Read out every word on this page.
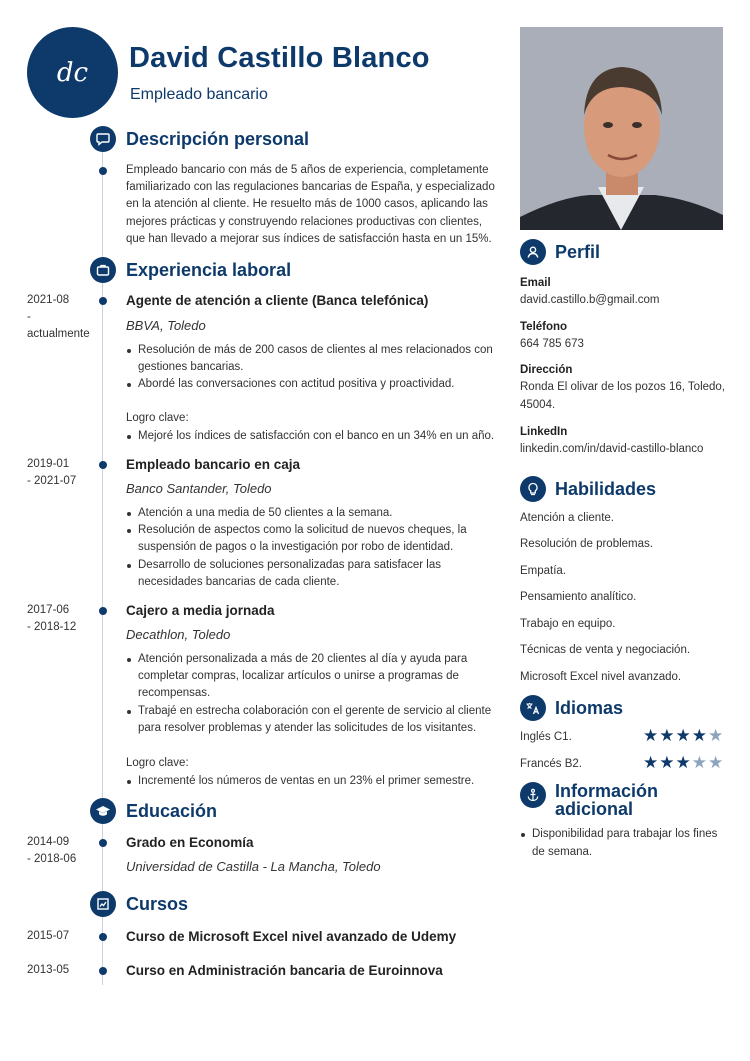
dc David Castillo Blanco
Empleado bancario
Descripción personal
Empleado bancario con más de 5 años de experiencia, completamente familiarizado con las regulaciones bancarias de España, y especializado en la atención al cliente. He resuelto más de 1000 casos, aplicando las mejores prácticas y construyendo relaciones productivas con clientes, que han llevado a mejorar sus índices de satisfacción hasta en un 15%.
Experiencia laboral
2021-08
-
actualmente
Agente de atención a cliente (Banca telefónica)
BBVA, Toledo
Resolución de más de 200 casos de clientes al mes relacionados con gestiones bancarias.
Abordé las conversaciones con actitud positiva y proactividad.
Logro clave:
Mejoré los índices de satisfacción con el banco en un 34% en un año.
2019-01
- 2021-07
Empleado bancario en caja
Banco Santander, Toledo
Atención a una media de 50 clientes a la semana.
Resolución de aspectos como la solicitud de nuevos cheques, la suspensión de pagos o la investigación por robo de identidad.
Desarrollo de soluciones personalizadas para satisfacer las necesidades bancarias de cada cliente.
2017-06
- 2018-12
Cajero a media jornada
Decathlon, Toledo
Atención personalizada a más de 20 clientes al día y ayuda para completar compras, localizar artículos o unirse a programas de recompensas.
Trabajé en estrecha colaboración con el gerente de servicio al cliente para resolver problemas y atender las solicitudes de los visitantes.
Logro clave:
Incrementé los números de ventas en un 23% el primer semestre.
Educación
2014-09
- 2018-06
Grado en Economía
Universidad de Castilla - La Mancha, Toledo
Cursos
2015-07	Curso de Microsoft Excel nivel avanzado de Udemy
2013-05	Curso en Administración bancaria de Euroinnova
Perfil
Email
david.castillo.b@gmail.com
Teléfono
664 785 673
Dirección
Ronda El olivar de los pozos 16, Toledo, 45004.
LinkedIn
linkedin.com/in/david-castillo-blanco
Habilidades
Atención a cliente.
Resolución de problemas.
Empatía.
Pensamiento analítico.
Trabajo en equipo.
Técnicas de venta y negociación.
Microsoft Excel nivel avanzado.
Idiomas
Inglés C1.	★ ★ ★ ★ ★
Francés B2.	★ ★ ★ ★ ★
Información
adicional
Disponibilidad para trabajar los fines de semana.
